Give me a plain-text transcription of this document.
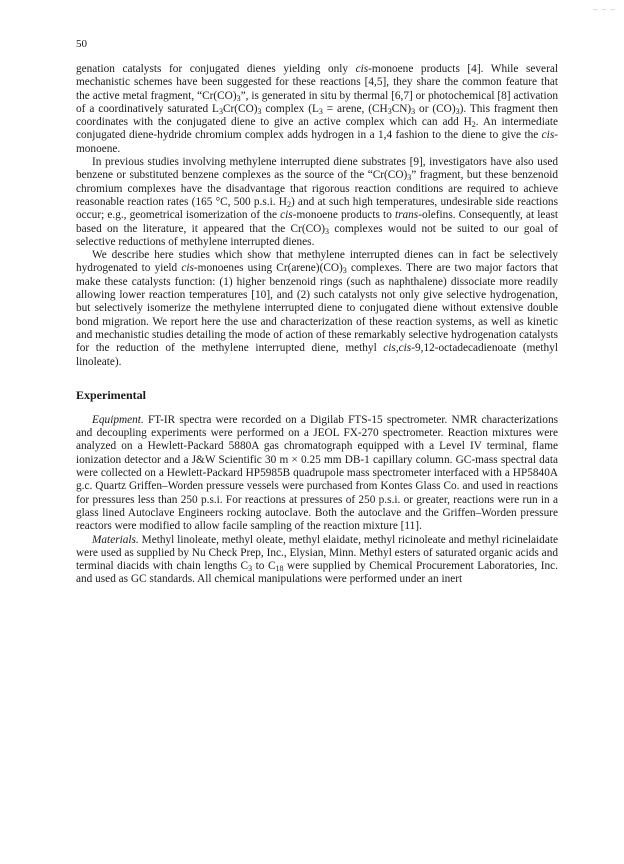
– – –
50

genation catalysts for conjugated dienes yielding only cis-monoene products [4]. While several mechanistic schemes have been suggested for these reactions [4,5], they share the common feature that the active metal fragment, “$Cr(CO)_3$”, is generated in situ by thermal [6,7] or photochemical [8] activation of a coordinatively saturated $L_3Cr(CO)_3$ complex ($L_3$ = arene, $(CH_3CN)_3$ or $(CO)_3$). This fragment then coordinates with the conjugated diene to give an active complex which can add $H_2$. An intermediate conjugated diene-hydride chromium complex adds hydrogen in a 1,4 fashion to the diene to give the cis-monoene.

In previous studies involving methylene interrupted diene substrates [9], investigators have also used benzene or substituted benzene complexes as the source of the “$Cr(CO)_3$” fragment, but these benzenoid chromium complexes have the disadvantage that rigorous reaction conditions are required to achieve reasonable reaction rates (165 °C, 500 p.s.i. $H_2$) and at such high temperatures, undesirable side reactions occur; e.g., geometrical isomerization of the cis-monoene products to trans-olefins. Consequently, at least based on the literature, it appeared that the $Cr(CO)_3$ complexes would not be suited to our goal of selective reductions of methylene interrupted dienes.

We describe here studies which show that methylene interrupted dienes can in fact be selectively hydrogenated to yield cis-monoenes using $Cr(arene)(CO)_3$ complexes. There are two major factors that make these catalysts function: (1) higher benzenoid rings (such as naphthalene) dissociate more readily allowing lower reaction temperatures [10], and (2) such catalysts not only give selective hydrogenation, but selectively isomerize the methylene interrupted diene to conjugated diene without extensive double bond migration. We report here the use and characterization of these reaction systems, as well as kinetic and mechanistic studies detailing the mode of action of these remarkably selective hydrogenation catalysts for the reduction of the methylene interrupted diene, methyl cis,cis-9,12-octadecadienoate (methyl linoleate).

Experimental

Equipment. FT-IR spectra were recorded on a Digilab FTS-15 spectrometer. NMR characterizations and decoupling experiments were performed on a JEOL FX-270 spectrometer. Reaction mixtures were analyzed on a Hewlett-Packard 5880A gas chromatograph equipped with a Level IV terminal, flame ionization detector and a J&W Scientific 30 m × 0.25 mm DB-1 capillary column. GC-mass spectral data were collected on a Hewlett-Packard HP5985B quadrupole mass spectrometer interfaced with a HP5840A g.c. Quartz Griffen–Worden pressure vessels were purchased from Kontes Glass Co. and used in reactions for pressures less than 250 p.s.i. For reactions at pressures of 250 p.s.i. or greater, reactions were run in a glass lined Autoclave Engineers rocking autoclave. Both the autoclave and the Griffen–Worden pressure reactors were modified to allow facile sampling of the reaction mixture [11].

Materials. Methyl linoleate, methyl oleate, methyl elaidate, methyl ricinoleate and methyl ricinelaidate were used as supplied by Nu Check Prep, Inc., Elysian, Minn. Methyl esters of saturated organic acids and terminal diacids with chain lengths $C_3$ to $C_{18}$ were supplied by Chemical Procurement Laboratories, Inc. and used as GC standards. All chemical manipulations were performed under an inert
